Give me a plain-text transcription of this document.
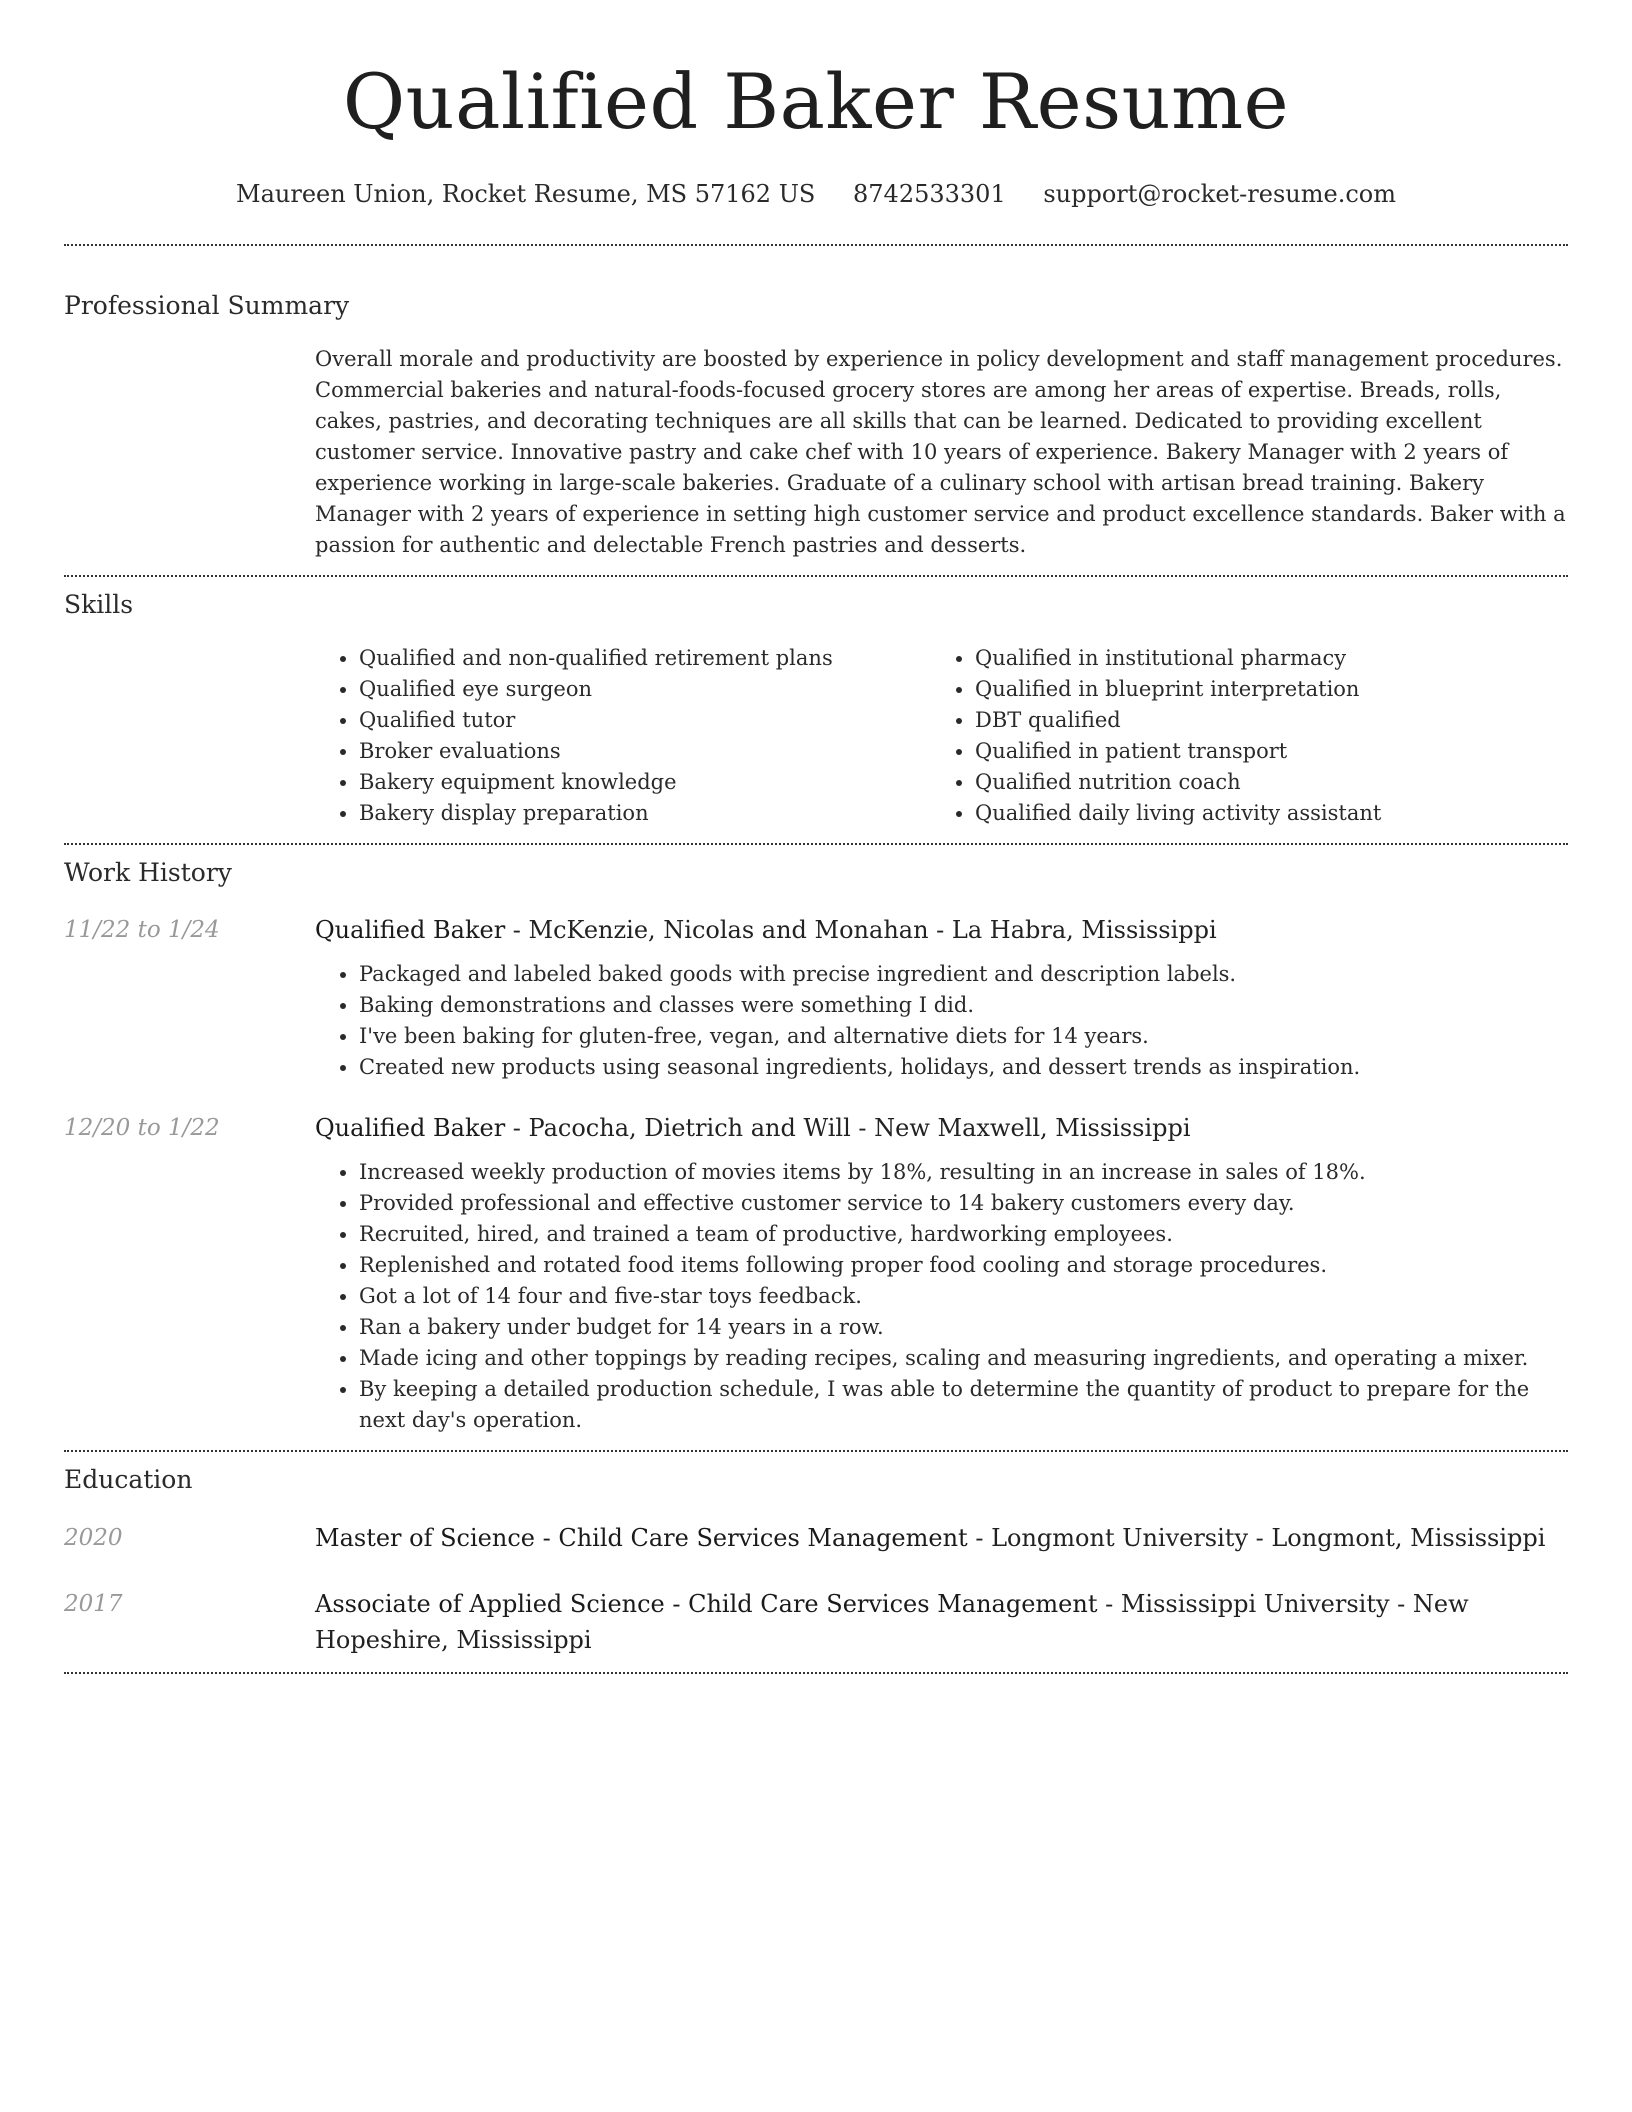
Qualified Baker Resume
Maureen Union, Rocket Resume, MS 57162 US 8742533301 support@rocket-resume.com
Professional Summary

Overall morale and productivity are boosted by experience in policy development and staff management procedures. Commercial bakeries and natural-foods-focused grocery stores are among her areas of expertise. Breads, rolls, cakes, pastries, and decorating techniques are all skills that can be learned. Dedicated to providing excellent customer service. Innovative pastry and cake chef with 10 years of experience. Bakery Manager with 2 years of experience working in large-scale bakeries. Graduate of a culinary school with artisan bread training. Bakery Manager with 2 years of experience in setting high customer service and product excellence standards. Baker with a passion for authentic and delectable French pastries and desserts.

Skills
• Qualified and non-qualified retirement plans
• Qualified eye surgeon
• Qualified tutor
• Broker evaluations
• Bakery equipment knowledge
• Bakery display preparation
• Qualified in institutional pharmacy
• Qualified in blueprint interpretation
• DBT qualified
• Qualified in patient transport
• Qualified nutrition coach
• Qualified daily living activity assistant
Work History
11/22 to 1/24	Qualified Baker - McKenzie, Nicolas and Monahan - La Habra, Mississippi
• Packaged and labeled baked goods with precise ingredient and description labels.
• Baking demonstrations and classes were something I did.
• I've been baking for gluten-free, vegan, and alternative diets for 14 years.
• Created new products using seasonal ingredients, holidays, and dessert trends as inspiration.
12/20 to 1/22	Qualified Baker - Pacocha, Dietrich and Will - New Maxwell, Mississippi
• Increased weekly production of movies items by 18%, resulting in an increase in sales of 18%.
• Provided professional and effective customer service to 14 bakery customers every day.
• Recruited, hired, and trained a team of productive, hardworking employees.
• Replenished and rotated food items following proper food cooling and storage procedures.
• Got a lot of 14 four and five-star toys feedback.
• Ran a bakery under budget for 14 years in a row.
• Made icing and other toppings by reading recipes, scaling and measuring ingredients, and operating a mixer.
• By keeping a detailed production schedule, I was able to determine the quantity of product to prepare for the next day's operation.
Education
2020	Master of Science - Child Care Services Management - Longmont University - Longmont, Mississippi
2017	Associate of Applied Science - Child Care Services Management - Mississippi University - New Hopeshire, Mississippi
